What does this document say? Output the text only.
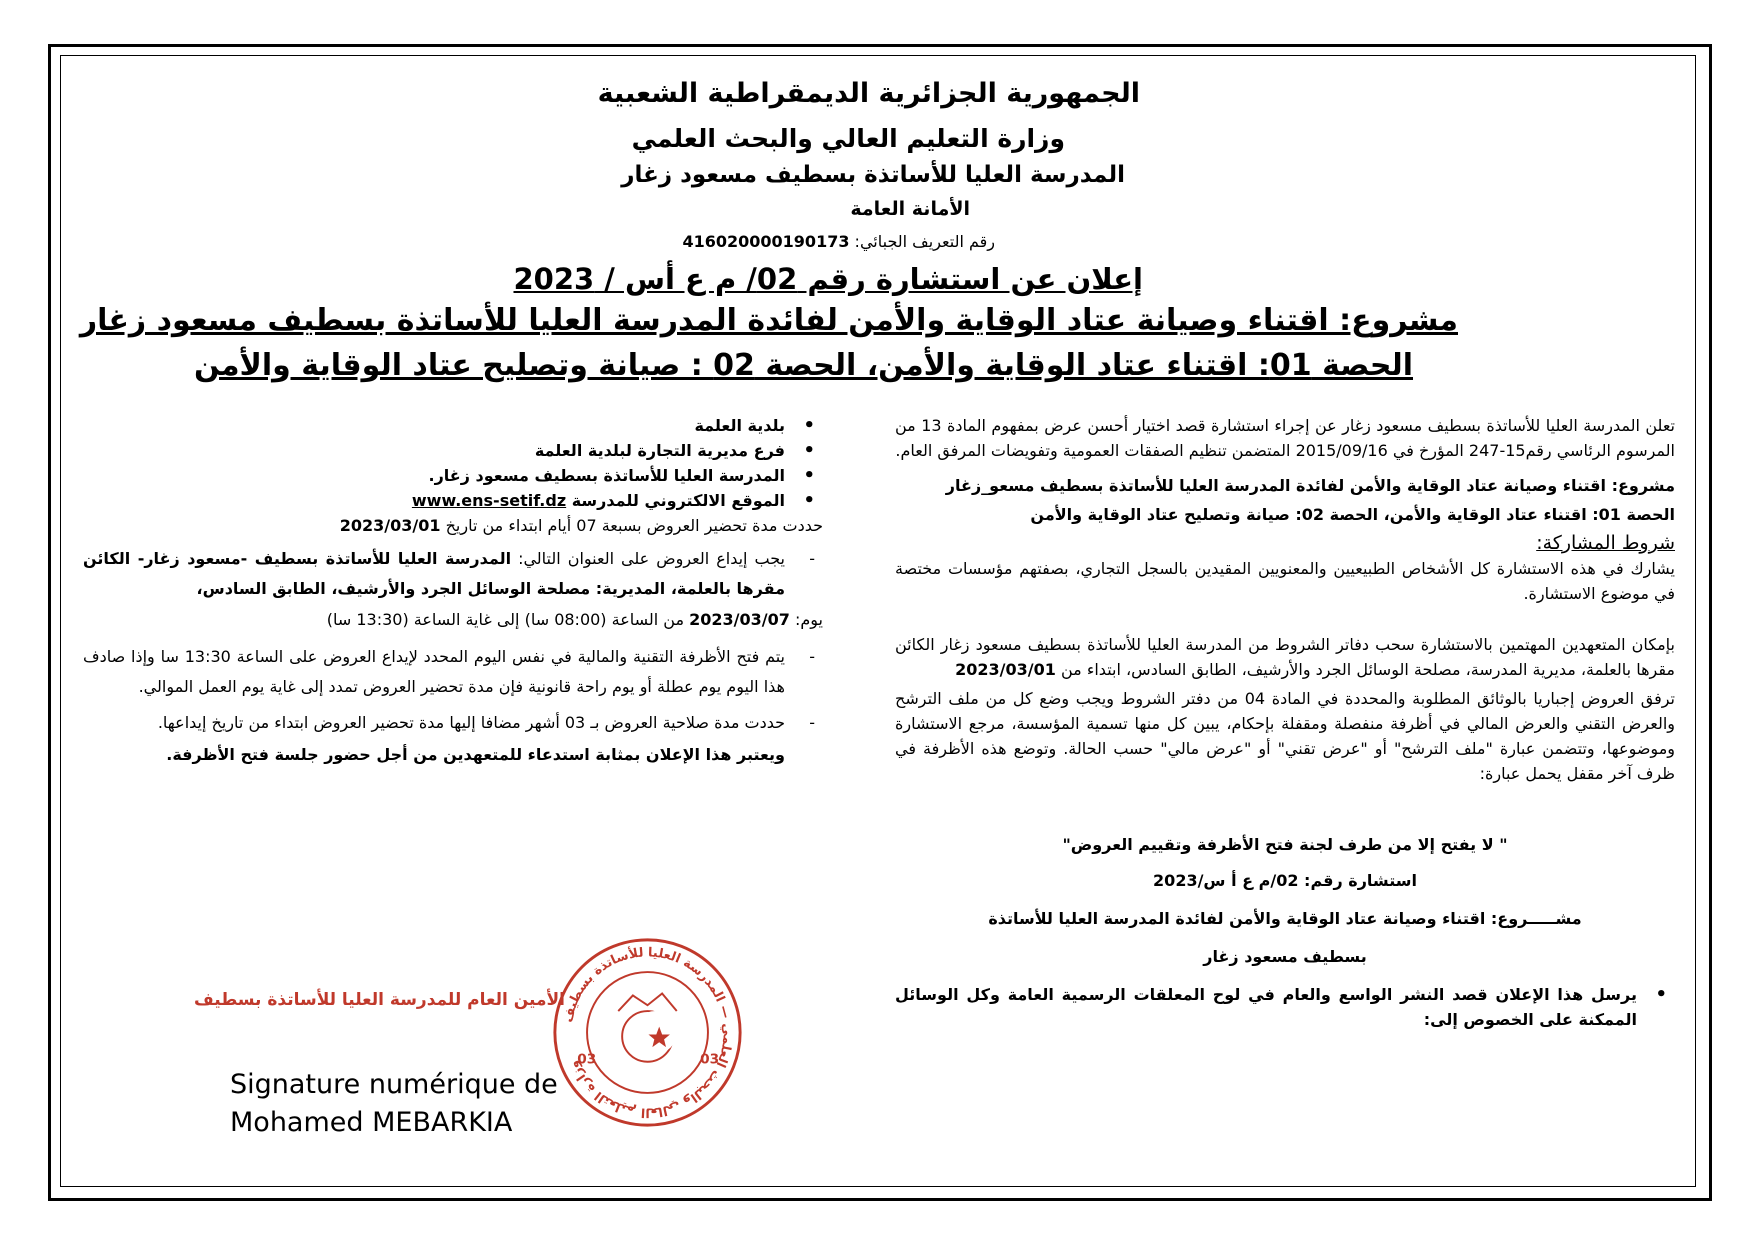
الجمهورية الجزائرية الديمقراطية الشعبية
وزارة التعليم العالي والبحث العلمي
المدرسة العليا للأساتذة بسطيف مسعود زغار
الأمانة العامة
رقم التعريف الجبائي: 416020000190173
إعلان عن استشارة رقم 02/ م ع أس / 2023
مشروع: اقتناء وصيانة عتاد الوقاية والأمن لفائدة المدرسة العليا للأساتذة بسطيف مسعود زغار
الحصة 01: اقتناء عتاد الوقاية والأمن، الحصة 02 : صيانة وتصليح عتاد الوقاية والأمن

تعلن المدرسة العليا للأساتذة بسطيف مسعود زغار عن إجراء استشارة قصد اختيار أحسن عرض بمفهوم المادة 13 من المرسوم الرئاسي رقم15-247 المؤرخ في 2015/09/16 المتضمن تنظيم الصفقات العمومية وتفويضات المرفق العام.

مشروع: اقتناء وصيانة عتاد الوقاية والأمن لفائدة المدرسة العليا للأساتذة بسطيف مسعو_زغار

الحصة 01: اقتناء عتاد الوقاية والأمن، الحصة 02: صيانة وتصليح عتاد الوقاية والأمن

شروط المشاركة:

يشارك في هذه الاستشارة كل الأشخاص الطبيعيين والمعنويين المقيدين بالسجل التجاري، بصفتهم مؤسسات مختصة في موضوع الاستشارة.

بإمكان المتعهدين المهتمين بالاستشارة سحب دفاتر الشروط من المدرسة العليا للأساتذة بسطيف مسعود زغار الكائن مقرها بالعلمة، مديرية المدرسة، مصلحة الوسائل الجرد والأرشيف، الطابق السادس، ابتداء من 2023/03/01

ترفق العروض إجباريا بالوثائق المطلوبة والمحددة في المادة 04 من دفتر الشروط ويجب وضع كل من ملف الترشح والعرض التقني والعرض المالي في أظرفة منفصلة ومقفلة بإحكام، يبين كل منها تسمية المؤسسة، مرجع الاستشارة وموضوعها، وتتضمن عبارة "ملف الترشح" أو "عرض تقني" أو "عرض مالي" حسب الحالة. وتوضع هذه الأظرفة في ظرف آخر مقفل يحمل عبارة:

" لا يفتح إلا من طرف لجنة فتح الأظرفة وتقييم العروض"

استشارة رقم: 02/م ع أ س/2023

مشـــــروع: اقتناء وصيانة عتاد الوقاية والأمن لفائدة المدرسة العليا للأساتذة

بسطيف مسعود زغار

• يرسل هذا الإعلان قصد النشر الواسع والعام في لوح المعلقات الرسمية العامة وكل الوسائل الممكنة على الخصوص إلى:
• بلدية العلمة
• فرع مديرية التجارة لبلدية العلمة
• المدرسة العليا للأساتذة بسطيف مسعود زغار.
• الموقع الالكتروني للمدرسة www.ens-setif.dz

حددت مدة تحضير العروض بسبعة 07 أيام ابتداء من تاريخ 2023/03/01

- يجب إيداع العروض على العنوان التالي: المدرسة العليا للأساتذة بسطيف -مسعود زغار- الكائن مقرها بالعلمة، المديرية: مصلحة الوسائل الجرد والأرشيف، الطابق السادس،

يوم: 2023/03/07 من الساعة (08:00 سا) إلى غاية الساعة (13:30 سا)

- يتم فتح الأظرفة التقنية والمالية في نفس اليوم المحدد لإيداع العروض على الساعة 13:30 سا وإذا صادف هذا اليوم يوم عطلة أو يوم راحة قانونية فإن مدة تحضير العروض تمدد إلى غاية يوم العمل الموالي.

- حددت مدة صلاحية العروض بـ 03 أشهر مضافا إليها مدة تحضير العروض ابتداء من تاريخ إيداعها.

ويعتبر هذا الإعلان بمثابة استدعاء للمتعهدين من أجل حضور جلسة فتح الأظرفة.

الأمين العام للمدرسة العليا للأساتذة بسطيف
وزارة التعليم العالي والبحث العلمي — المدرسة العليا للأساتذة بسطيف
03	03
Signature numérique de
Mohamed MEBARKIA
